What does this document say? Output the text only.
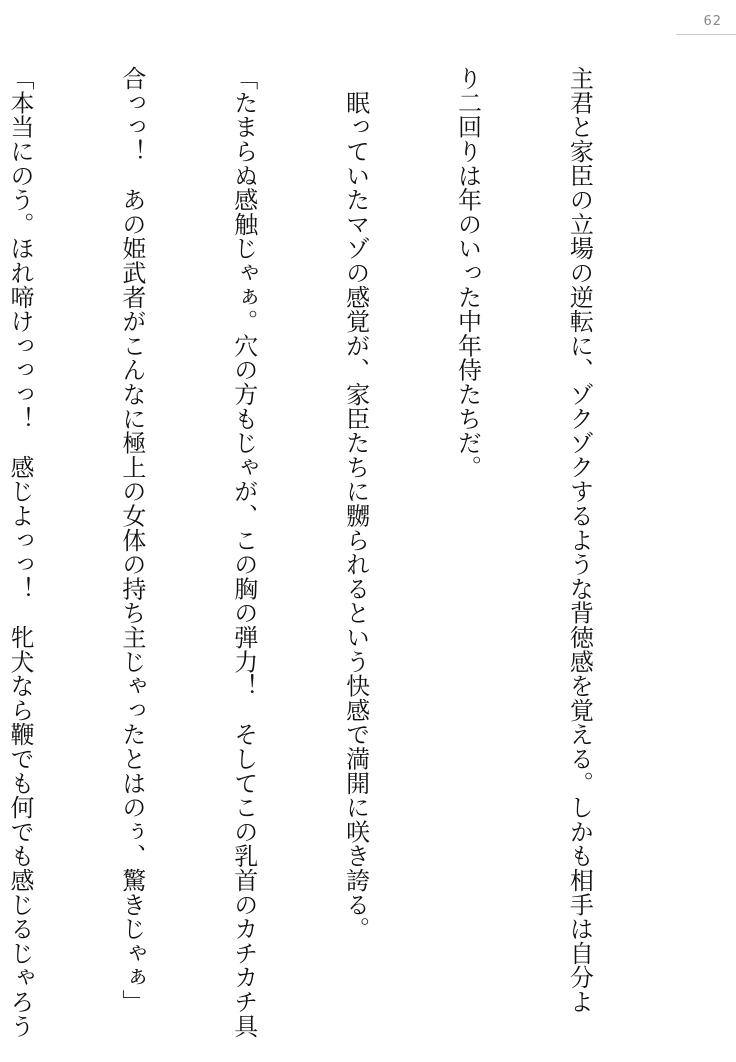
62

主君と家臣の立場の逆転に、ゾクゾクするような背徳感を覚える。しかも相手は自分よ

り二回りは年のいった中年侍たちだ。

　眠っていたマゾの感覚が、家臣たちに嬲られるという快感で満開に咲き誇る。

「たまらぬ感触じゃぁ。穴の方もじゃが、この胸の弾力！　そしてこの乳首のカチカチ具

合っっ！　あの姫武者がこんなに極上の女体の持ち主じゃったとはのぅ、驚きじゃぁ」

「本当にのう。ほれ啼けっっっ！　感じよっっ！　牝犬なら鞭でも何でも感じるじゃろう
